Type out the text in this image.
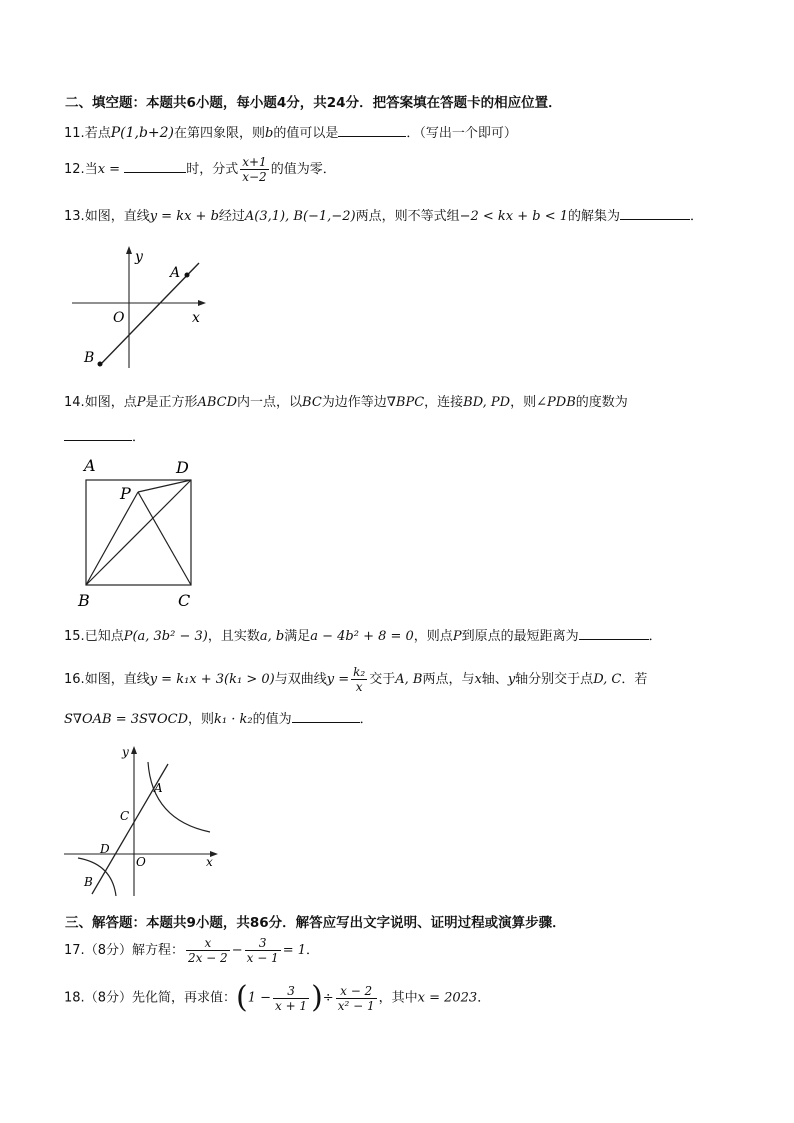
二、填空题：本题共6小题，每小题4分，共24分．把答案填在答题卡的相应位置．
11.若点P(1,b+2)在第四象限，则b的值可以是	．（写出一个即可）
12.当x =	时，分式 $\frac{x+1}{x-2}$ 的值为零．
13.如图，直线y = kx + b经过A(3,1), B(−1,−2)两点，则不等式组−2 < kx + b < 1的解集为	．
y
x
O
A
B
14.如图，点P是正方形ABCD内一点，以BC为边作等边∇BPC，连接BD, PD，则∠PDB的度数为
．
A	D
P
B	C
15.已知点P(a, 3b² − 3)，且实数a, b满足a − 4b² + 8 = 0，则点P到原点的最短距离为	．
16.如图，直线y = k₁x + 3(k₁ > 0)与双曲线$y = \frac{\text{k₂}}{x}$ 交于A, B两点，与x轴、y轴分别交于点D, C．若
S∇OAB = 3S∇OCD，则k₁ · k₂的值为	．
y
x
O
A
C
D
B
三、解答题：本题共9小题，共86分．解答应写出文字说明、证明过程或演算步骤．
17.（8分）解方程： $\frac{x}{2x - 2} - \frac{3}{x - 1} = 1$．
18.（8分）先化简，再求值：($1 - \frac{3}{x + 1}$ )÷ $\frac{x - 2}{\text{x² − 1}}$ ，其中x = 2023．
